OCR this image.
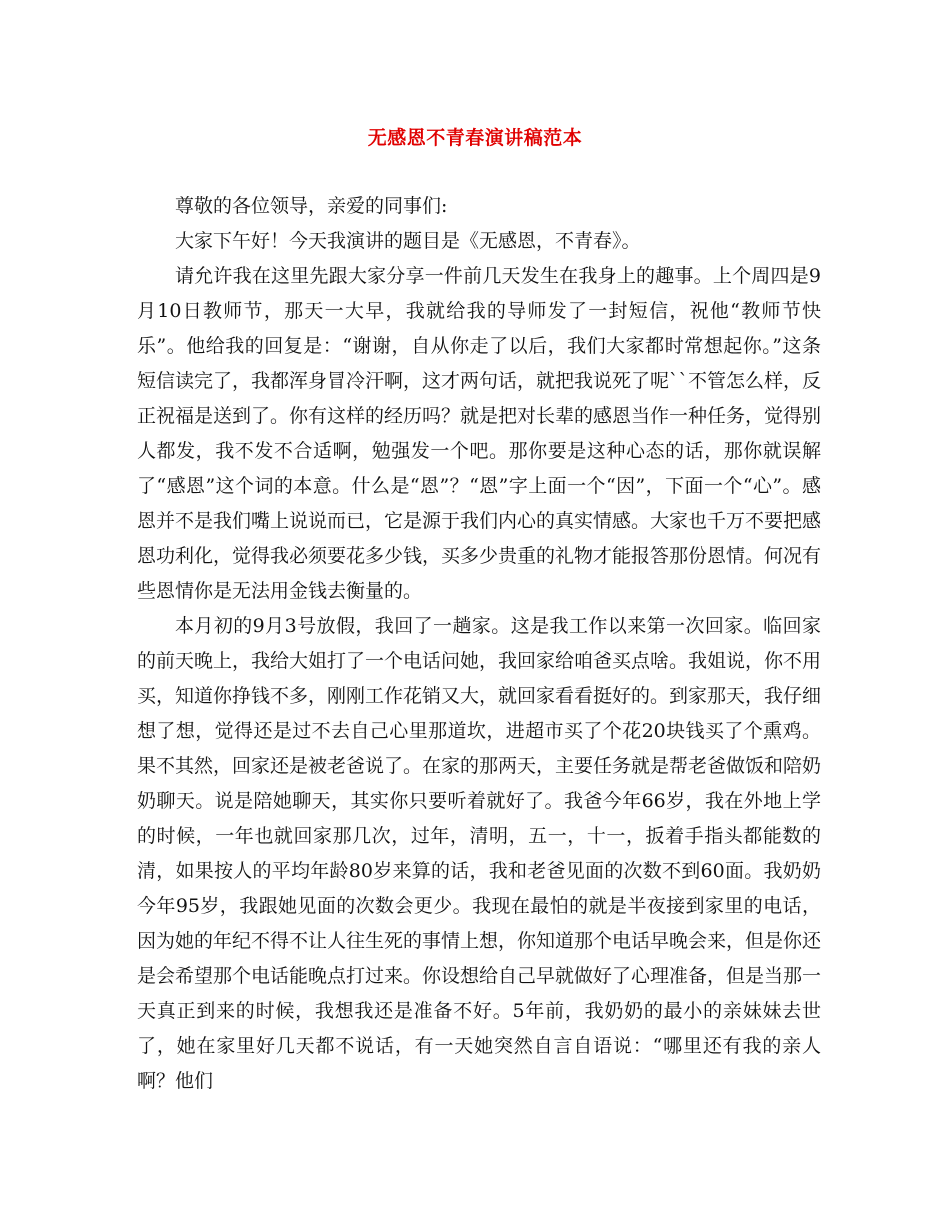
无感恩不青春演讲稿范本

尊敬的各位领导，亲爱的同事们:

大家下午好！今天我演讲的题目是《无感恩，不青春》。

请允许我在这里先跟大家分享一件前几天发生在我身上的趣事。上个周四是9月10日教师节，那天一大早，我就给我的导师发了一封短信，祝他“教师节快乐”。他给我的回复是：“谢谢，自从你走了以后，我们大家都时常想起你。”这条短信读完了，我都浑身冒冷汗啊，这才两句话，就把我说死了呢``不管怎么样，反正祝福是送到了。你有这样的经历吗？就是把对长辈的感恩当作一种任务，觉得别人都发，我不发不合适啊，勉强发一个吧。那你要是这种心态的话，那你就误解了“感恩”这个词的本意。什么是“恩”？“恩”字上面一个“因”，下面一个“心”。感恩并不是我们嘴上说说而已，它是源于我们内心的真实情感。大家也千万不要把感恩功利化，觉得我必须要花多少钱，买多少贵重的礼物才能报答那份恩情。何况有些恩情你是无法用金钱去衡量的。

本月初的9月3号放假，我回了一趟家。这是我工作以来第一次回家。临回家的前天晚上，我给大姐打了一个电话问她，我回家给咱爸买点啥。我姐说，你不用买，知道你挣钱不多，刚刚工作花销又大，就回家看看挺好的。到家那天，我仔细想了想，觉得还是过不去自己心里那道坎，进超市买了个花20块钱买了个熏鸡。果不其然，回家还是被老爸说了。在家的那两天，主要任务就是帮老爸做饭和陪奶奶聊天。说是陪她聊天，其实你只要听着就好了。我爸今年66岁，我在外地上学的时候，一年也就回家那几次，过年，清明，五一，十一，扳着手指头都能数的清，如果按人的平均年龄80岁来算的话，我和老爸见面的次数不到60面。我奶奶今年95岁，我跟她见面的次数会更少。我现在最怕的就是半夜接到家里的电话，因为她的年纪不得不让人往生死的事情上想，你知道那个电话早晚会来，但是你还是会希望那个电话能晚点打过来。你设想给自己早就做好了心理准备，但是当那一天真正到来的时候，我想我还是准备不好。5年前，我奶奶的最小的亲妹妹去世了，她在家里好几天都不说话，有一天她突然自言自语说：“哪里还有我的亲人啊？他们
